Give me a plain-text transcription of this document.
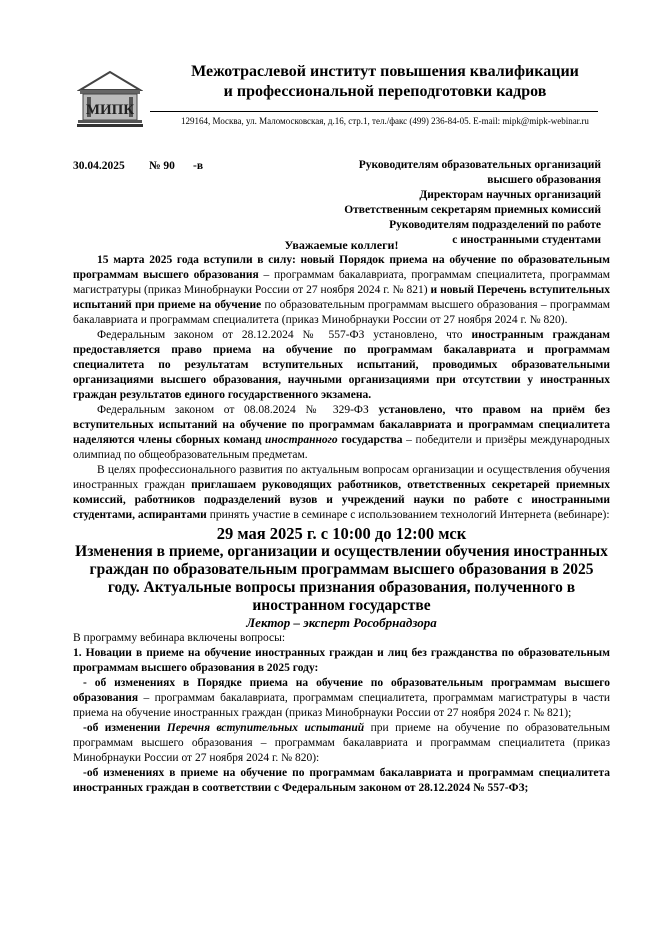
МИПК
Межотраслевой институт повышения квалификации
и профессиональной переподготовки кадров
129164, Москва, ул. Маломосковская, д.16, стр.1, тел./факс (499) 236-84-05. E-mail: mipk@mipk-webinar.ru
30.04.2025 № 90 -в	Руководителям образовательных организаций
высшего образования
Директорам научных организаций
Ответственным секретарям приемных комиссий
Руководителям подразделений по работе
с иностранными студентами

Уважаемые коллеги!

15 марта 2025 года вступили в силу: новый Порядок приема на обучение по образовательным программам высшего образования – программам бакалавриата, программам специалитета, программам магистратуры (приказ Минобрнауки России от 27 ноября 2024 г. № 821) и новый Перечень вступительных испытаний при приеме на обучение по образовательным программам высшего образования – программам бакалавриата и программам специалитета (приказ Минобрнауки России от 27 ноября 2024 г. № 820).

Федеральным законом от 28.12.2024 № 557-ФЗ установлено, что иностранным гражданам предоставляется право приема на обучение по программам бакалавриата и программам специалитета по результатам вступительных испытаний, проводимых образовательными организациями высшего образования, научными организациями при отсутствии у иностранных граждан результатов единого государственного экзамена.

Федеральным законом от 08.08.2024 № 329-ФЗ установлено, что правом на приём без вступительных испытаний на обучение по программам бакалавриата и программам специалитета наделяются члены сборных команд иностранного государства – победители и призёры международных олимпиад по общеобразовательным предметам.

В целях профессионального развития по актуальным вопросам организации и осуществления обучения иностранных граждан приглашаем руководящих работников, ответственных секретарей приемных комиссий, работников подразделений вузов и учреждений науки по работе с иностранными студентами, аспирантами принять участие в семинаре с использованием технологий Интернета (вебинаре):

29 мая 2025 г. с 10:00 до 12:00 мск

Изменения в приеме, организации и осуществлении обучения иностранных граждан по образовательным программам высшего образования в 2025 году. Актуальные вопросы признания образования, полученного в иностранном государстве

Лектор – эксперт Рособрнадзора

В программу вебинара включены вопросы:

1. Новации в приеме на обучение иностранных граждан и лиц без гражданства по образовательным программам высшего образования в 2025 году:

- об изменениях в Порядке приема на обучение по образовательным программам высшего образования – программам бакалавриата, программам специалитета, программам магистратуры в части приема на обучение иностранных граждан (приказ Минобрнауки России от 27 ноября 2024 г. № 821);

-об изменении Перечня вступительных испытаний при приеме на обучение по образовательным программам высшего образования – программам бакалавриата и программам специалитета (приказ Минобрнауки России от 27 ноября 2024 г. № 820):

-об изменениях в приеме на обучение по программам бакалавриата и программам специалитета иностранных граждан в соответствии с Федеральным законом от 28.12.2024 № 557-ФЗ;
